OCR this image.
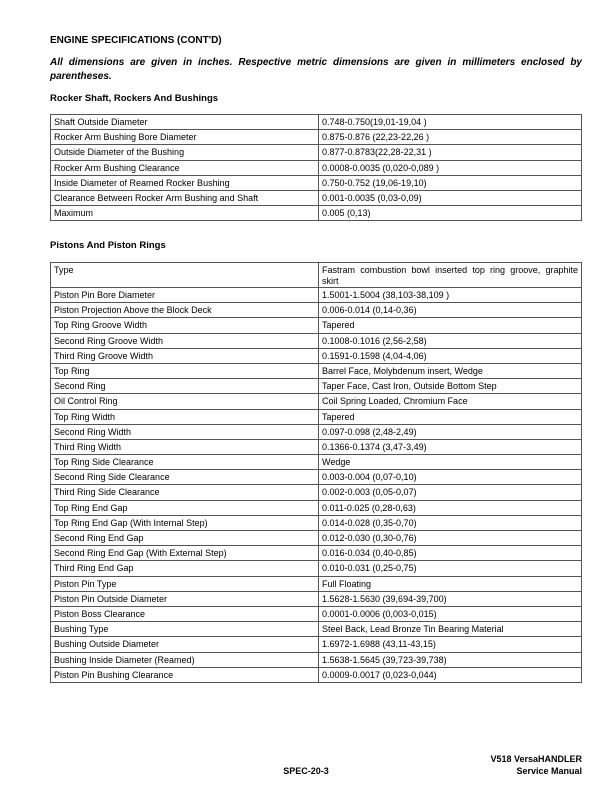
ENGINE SPECIFICATIONS (CONT'D)
All dimensions are given in inches. Respective metric dimensions are given in millimeters enclosed by parentheses.
Rocker Shaft, Rockers And Bushings
Shaft Outside Diameter	0.748-0.750(19,01-19,04 )
Rocker Arm Bushing Bore Diameter	0.875-0.876 (22,23-22,26 )
Outside Diameter of the Bushing	0.877-0.8783(22,28-22,31 )
Rocker Arm Bushing Clearance	0.0008-0.0035 (0,020-0,089 )
Inside Diameter of Reamed Rocker Bushing	0.750-0.752 (19,06-19,10)
Clearance Between Rocker Arm Bushing and Shaft	0.001-0.0035 (0,03-0,09)
Maximum	0.005 (0,13)
Pistons And Piston Rings
Type	Fastram combustion bowl inserted top ring groove, graphite skirt
Piston Pin Bore Diameter	1.5001-1.5004 (38,103-38,109 )
Piston Projection Above the Block Deck	0.006-0.014 (0,14-0,36)
Top Ring Groove Width	Tapered
Second Ring Groove Width	0.1008-0.1016 (2,56-2,58)
Third Ring Groove Width	0.1591-0.1598 (4,04-4,06)
Top Ring	Barrel Face, Molybdenum insert, Wedge
Second Ring	Taper Face, Cast Iron, Outside Bottom Step
Oil Control Ring	Coil Spring Loaded, Chromium Face
Top Ring Width	Tapered
Second Ring Width	0.097-0.098 (2,48-2,49)
Third Ring Width	0.1366-0.1374 (3,47-3,49)
Top Ring Side Clearance	Wedge
Second Ring Side Clearance	0.003-0.004 (0,07-0,10)
Third Ring Side Clearance	0.002-0.003 (0,05-0,07)
Top Ring End Gap	0.011-0.025 (0,28-0,63)
Top Ring End Gap (With Internal Step)	0.014-0.028 (0,35-0,70)
Second Ring End Gap	0.012-0.030 (0,30-0,76)
Second Ring End Gap (With External Step)	0.016-0.034 (0,40-0,85)
Third Ring End Gap	0.010-0.031 (0,25-0,75)
Piston Pin Type	Full Floating
Piston Pin Outside Diameter	1.5628-1.5630 (39,694-39,700)
Piston Boss Clearance	0.0001-0.0006 (0,003-0,015)
Bushing Type	Steel Back, Lead Bronze Tin Bearing Material
Bushing Outside Diameter	1.6972-1.6988 (43,11-43,15)
Bushing Inside Diameter (Reamed)	1.5638-1.5645 (39,723-39,738)
Piston Pin Bushing Clearance	0.0009-0.0017 (0,023-0,044)
V518 VersaHANDLER
Service Manual
SPEC-20-3
